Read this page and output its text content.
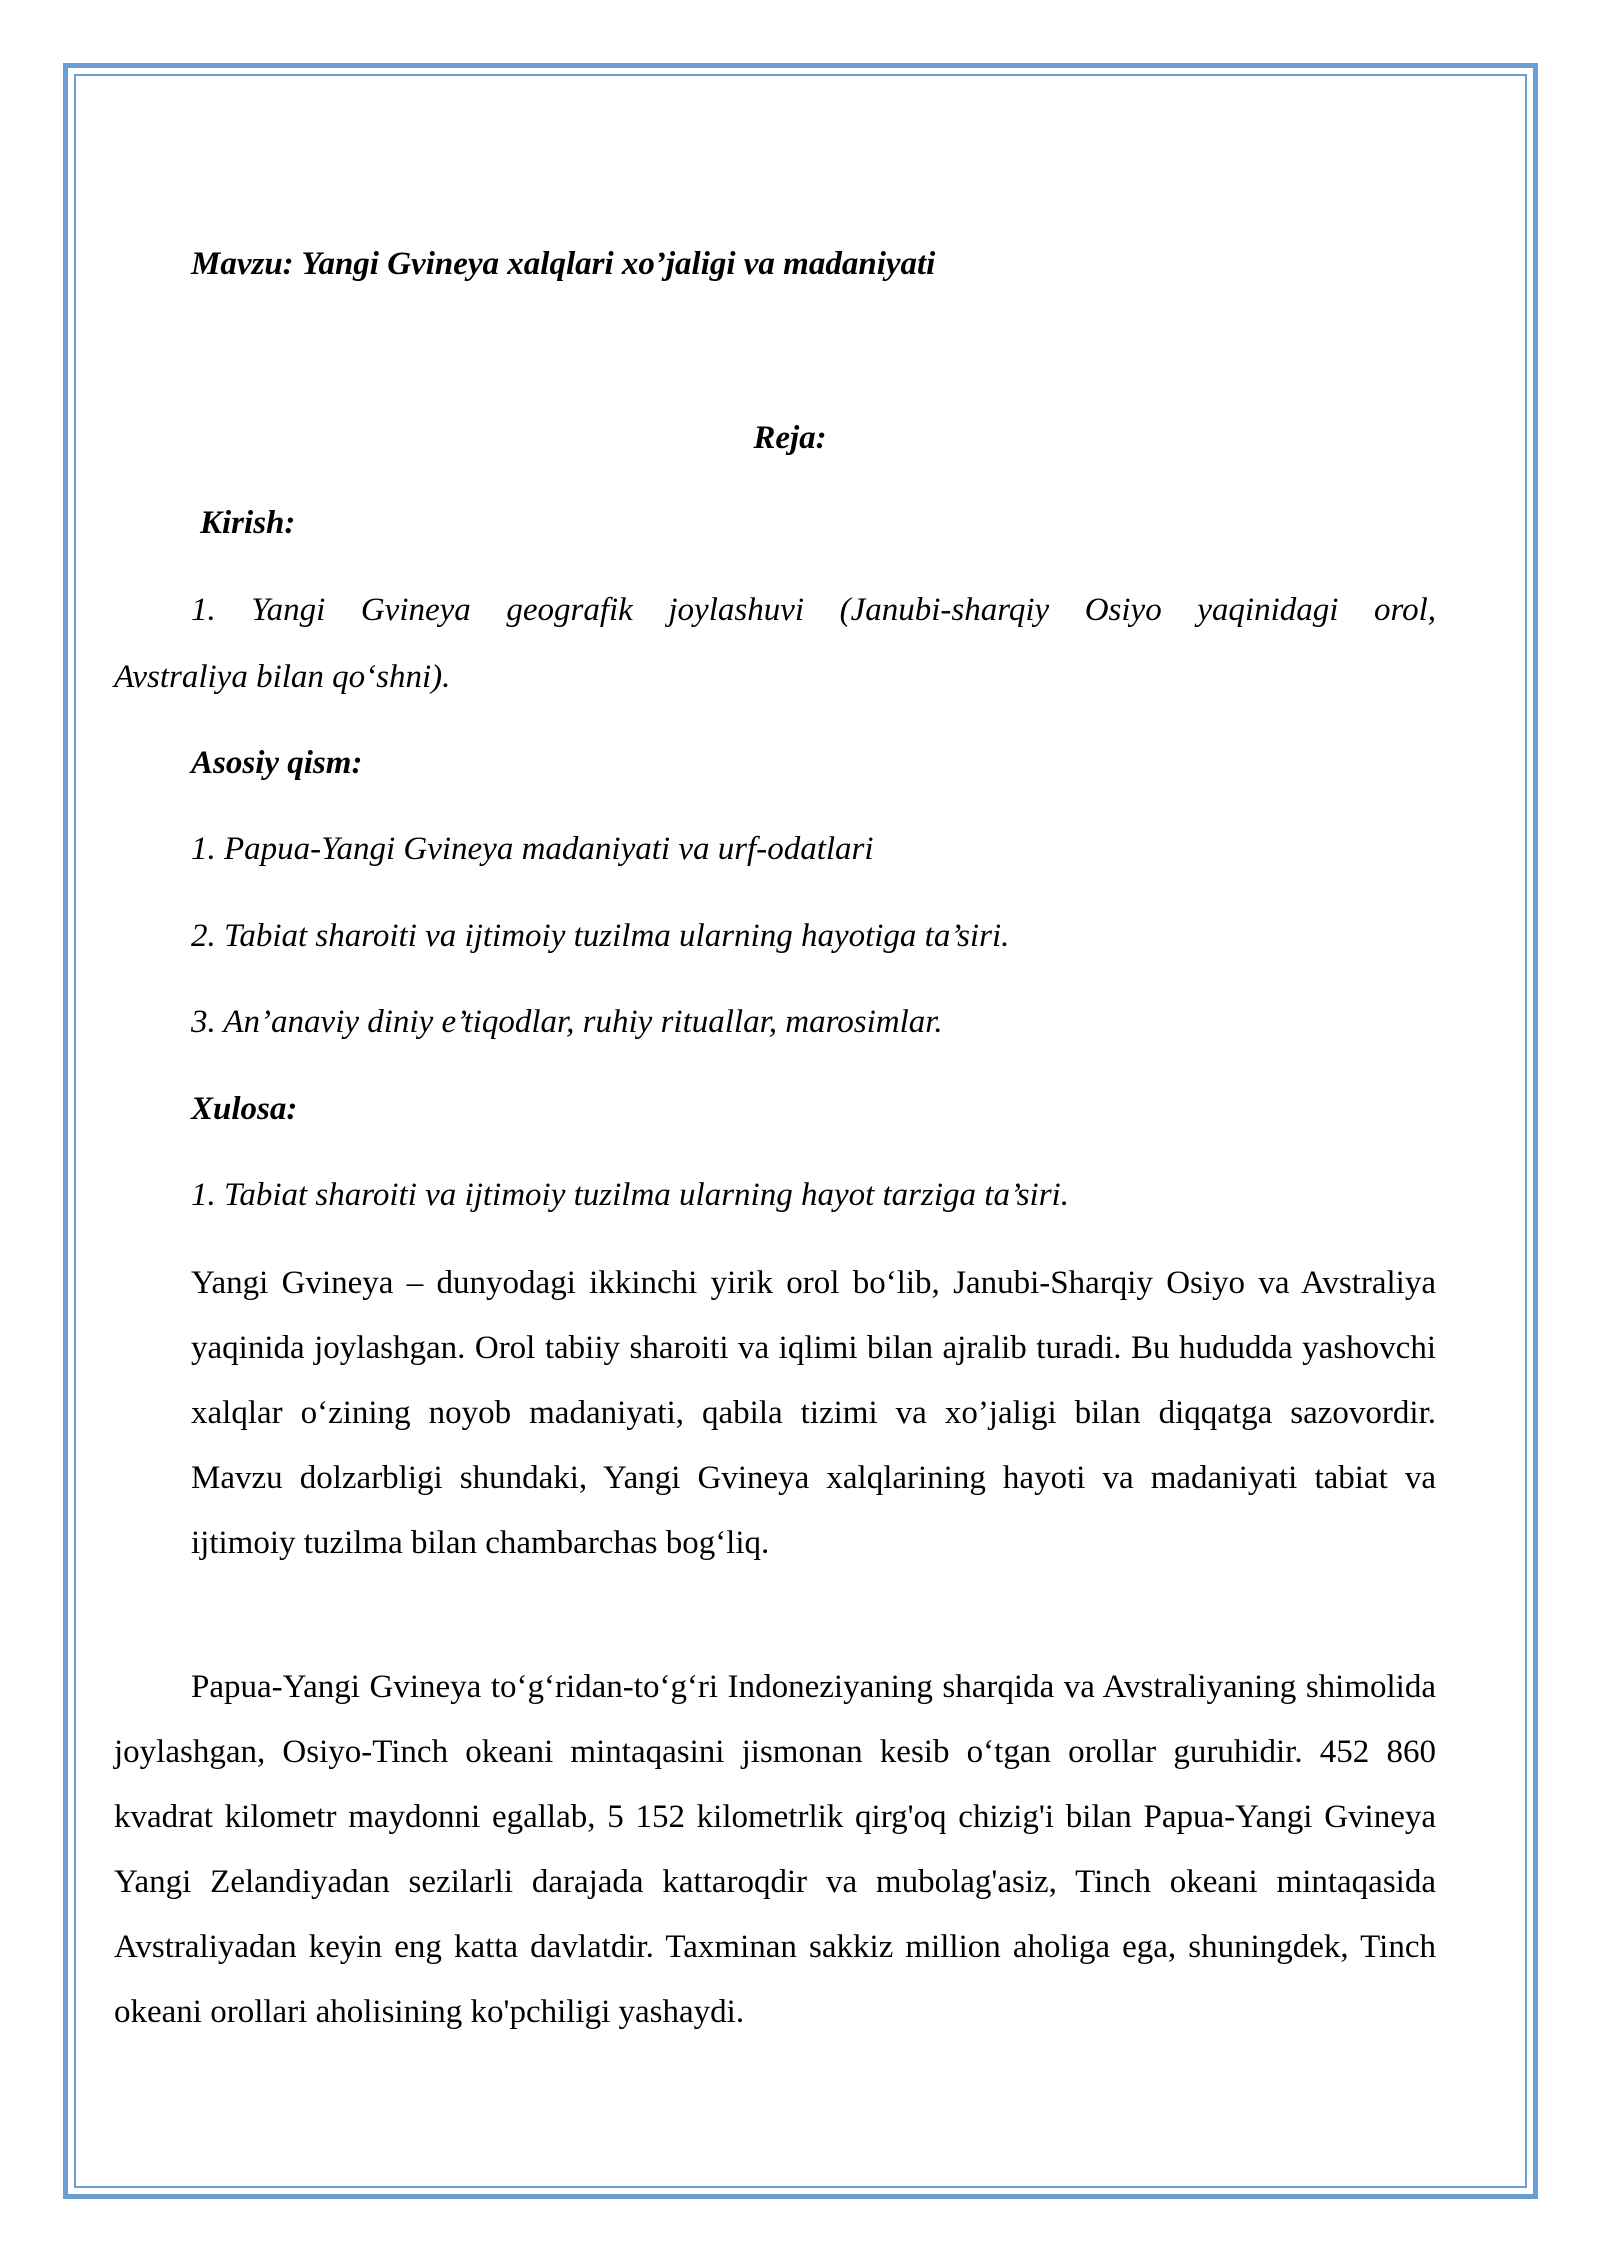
Mavzu: Yangi Gvineya xalqlari xo’jaligi va madaniyati
Reja:
Kirish:
1. Yangi Gvineya geografik joylashuvi (Janubi-sharqiy Osiyo yaqinidagi orol,
Avstraliya bilan qo‘shni).
Asosiy qism:
1. Papua-Yangi Gvineya madaniyati va urf-odatlari
2. Tabiat sharoiti va ijtimoiy tuzilma ularning hayotiga ta’siri.
3. An’anaviy diniy e’tiqodlar, ruhiy rituallar, marosimlar.
Xulosa:
1. Tabiat sharoiti va ijtimoiy tuzilma ularning hayot tarziga ta’siri.
Yangi Gvineya – dunyodagi ikkinchi yirik orol bo‘lib, Janubi-Sharqiy Osiyo va Avstraliya yaqinida joylashgan. Orol tabiiy sharoiti va iqlimi bilan ajralib turadi. Bu hududda yashovchi xalqlar o‘zining noyob madaniyati, qabila tizimi va xo’jaligi bilan diqqatga sazovordir. Mavzu dolzarbligi shundaki, Yangi Gvineya xalqlarining hayoti va madaniyati tabiat va ijtimoiy tuzilma bilan chambarchas bog‘liq.
Papua-Yangi Gvineya to‘g‘ridan-to‘g‘ri Indoneziyaning sharqida va Avstraliyaning shimolida joylashgan, Osiyo-Tinch okeani mintaqasini jismonan kesib o‘tgan orollar guruhidir. 452 860 kvadrat kilometr maydonni egallab, 5 152 kilometrlik qirg'oq chizig'i bilan Papua-Yangi Gvineya Yangi Zelandiyadan sezilarli darajada kattaroqdir va mubolag'asiz, Tinch okeani mintaqasida Avstraliyadan keyin eng katta davlatdir. Taxminan sakkiz million aholiga ega, shuningdek, Tinch okeani orollari aholisining ko'pchiligi yashaydi.
